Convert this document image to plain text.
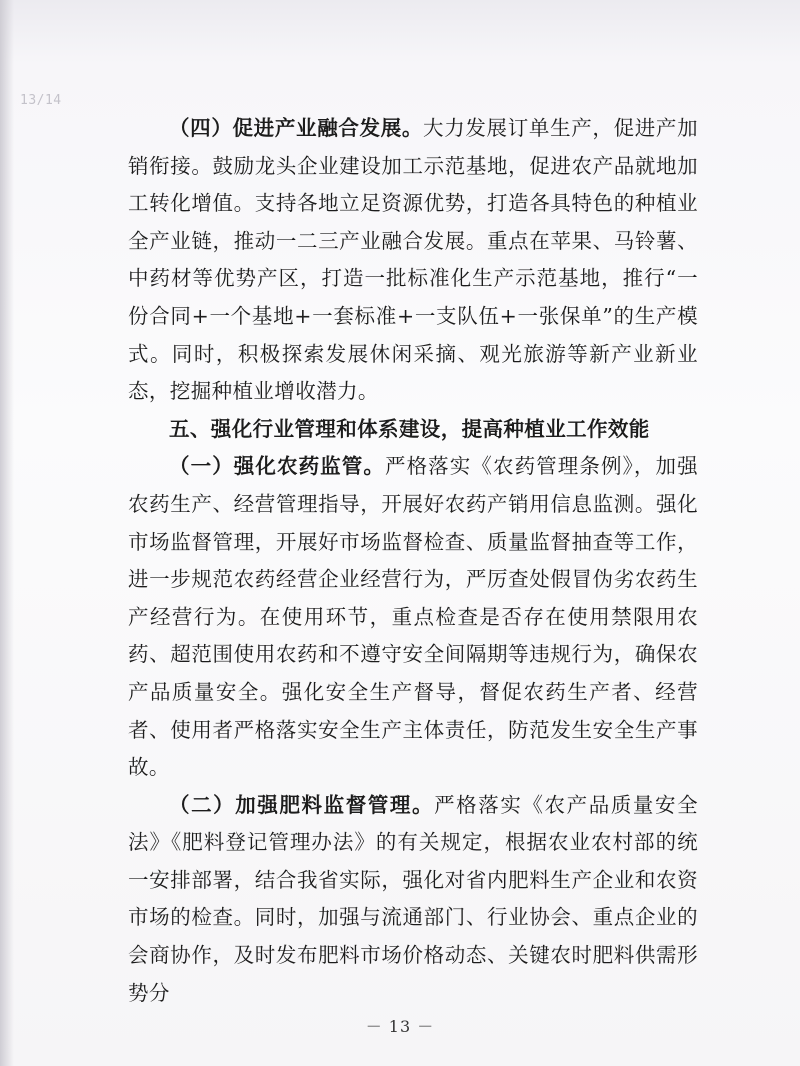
13/14

（四）促进产业融合发展。大力发展订单生产，促进产加销衔接。鼓励龙头企业建设加工示范基地，促进农产品就地加工转化增值。支持各地立足资源优势，打造各具特色的种植业全产业链，推动一二三产业融合发展。重点在苹果、马铃薯、中药材等优势产区，打造一批标准化生产示范基地，推行“一份合同+一个基地+一套标准+一支队伍+一张保单”的生产模式。同时，积极探索发展休闲采摘、观光旅游等新产业新业态，挖掘种植业增收潜力。

五、强化行业管理和体系建设，提高种植业工作效能

（一）强化农药监管。严格落实《农药管理条例》，加强农药生产、经营管理指导，开展好农药产销用信息监测。强化市场监督管理，开展好市场监督检查、质量监督抽查等工作，进一步规范农药经营企业经营行为，严厉查处假冒伪劣农药生产经营行为。在使用环节，重点检查是否存在使用禁限用农药、超范围使用农药和不遵守安全间隔期等违规行为，确保农产品质量安全。强化安全生产督导，督促农药生产者、经营者、使用者严格落实安全生产主体责任，防范发生安全生产事故。

（二）加强肥料监督管理。严格落实《农产品质量安全法》《肥料登记管理办法》的有关规定，根据农业农村部的统一安排部署，结合我省实际，强化对省内肥料生产企业和农资市场的检查。同时，加强与流通部门、行业协会、重点企业的会商协作，及时发布肥料市场价格动态、关键农时肥料供需形势分

－ 13 －
